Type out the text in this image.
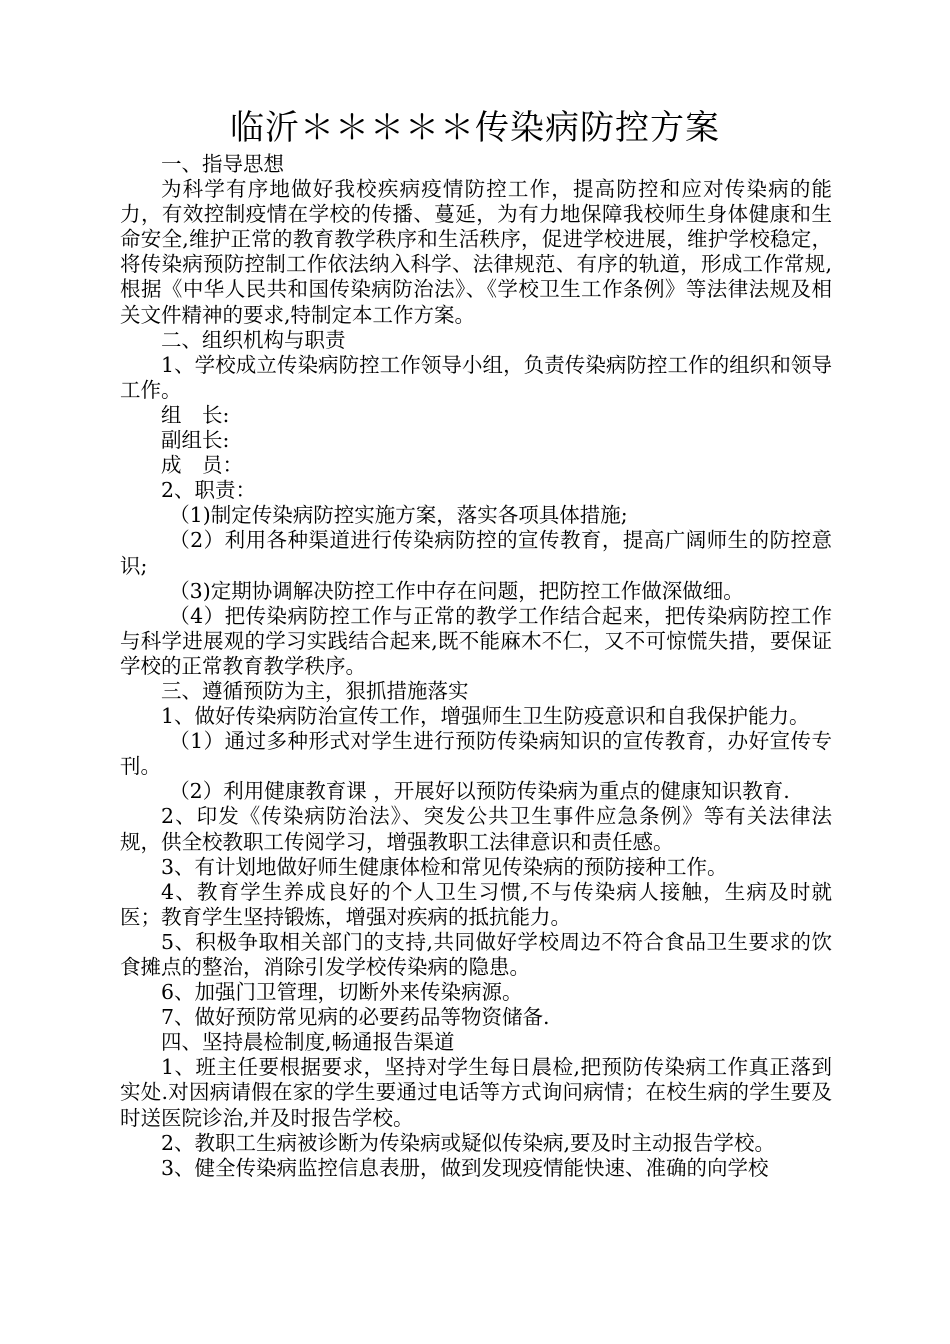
临沂＊＊＊＊＊传染病防控方案

一、指导思想

为科学有序地做好我校疾病疫情防控工作，提高防控和应对传染病的能力，有效控制疫情在学校的传播、蔓延，为有力地保障我校师生身体健康和生命安全,维护正常的教育教学秩序和生活秩序，促进学校进展，维护学校稳定，将传染病预防控制工作依法纳入科学、法律规范、有序的轨道，形成工作常规,根据《中华人民共和国传染病防治法》、《学校卫生工作条例》等法律法规及相关文件精神的要求,特制定本工作方案。

二、组织机构与职责

1、学校成立传染病防控工作领导小组，负责传染病防控工作的组织和领导工作。

组　长:

副组长:

成　员：

2、职责：

（1)制定传染病防控实施方案，落实各项具体措施;

（2）利用各种渠道进行传染病防控的宣传教育，提高广阔师生的防控意识;

（3)定期协调解决防控工作中存在问题，把防控工作做深做细。

（4）把传染病防控工作与正常的教学工作结合起来，把传染病防控工作与科学进展观的学习实践结合起来,既不能麻木不仁，又不可惊慌失措，要保证学校的正常教育教学秩序。

三、遵循预防为主，狠抓措施落实

1、做好传染病防治宣传工作，增强师生卫生防疫意识和自我保护能力。

（1）通过多种形式对学生进行预防传染病知识的宣传教育，办好宣传专刊。

（2）利用健康教育课 ，开展好以预防传染病为重点的健康知识教育.

2、印发《传染病防治法》、突发公共卫生事件应急条例》等有关法律法规，供全校教职工传阅学习，增强教职工法律意识和责任感。

3、有计划地做好师生健康体检和常见传染病的预防接种工作。

4、教育学生养成良好的个人卫生习惯,不与传染病人接触，生病及时就医；教育学生坚持锻炼，增强对疾病的抵抗能力。

5、积极争取相关部门的支持,共同做好学校周边不符合食品卫生要求的饮食摊点的整治，消除引发学校传染病的隐患。

6、加强门卫管理，切断外来传染病源。

7、做好预防常见病的必要药品等物资储备.

四、坚持晨检制度,畅通报告渠道

1、班主任要根据要求，坚持对学生每日晨检,把预防传染病工作真正落到实处.对因病请假在家的学生要通过电话等方式询问病情；在校生病的学生要及时送医院诊治,并及时报告学校。

2、教职工生病被诊断为传染病或疑似传染病,要及时主动报告学校。

3、健全传染病监控信息表册，做到发现疫情能快速、准确的向学校
